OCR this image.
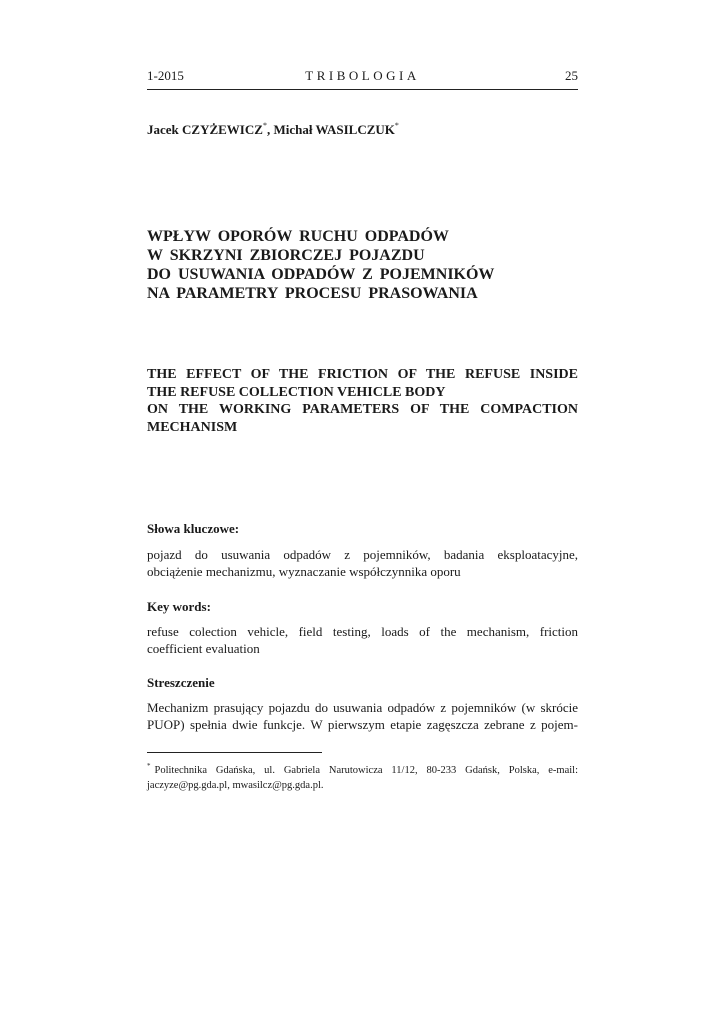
1-2015	TRIBOLOGIA	25
Jacek CZYŻEWICZ*, Michał WASILCZUK*
WPŁYW OPORÓW RUCHU ODPADÓW
W SKRZYNI ZBIORCZEJ POJAZDU
DO USUWANIA ODPADÓW Z POJEMNIKÓW
NA PARAMETRY PROCESU PRASOWANIA
THE EFFECT OF THE FRICTION OF THE REFUSE INSIDE
THE REFUSE COLLECTION VEHICLE BODY
ON THE WORKING PARAMETERS OF THE COMPACTION
MECHANISM
Słowa kluczowe:
pojazd do usuwania odpadów z pojemników, badania eksploatacyjne,
obciążenie mechanizmu, wyznaczanie współczynnika oporu
Key words:
refuse colection vehicle, field testing, loads of the mechanism, friction
coefficient evaluation
Streszczenie
Mechanizm prasujący pojazdu do usuwania odpadów z pojemników (w skrócie
PUOP) spełnia dwie funkcje. W pierwszym etapie zagęszcza zebrane z pojem-
* Politechnika Gdańska, ul. Gabriela Narutowicza 11/12, 80-233 Gdańsk, Polska, e-mail:
jaczyze@pg.gda.pl, mwasilcz@pg.gda.pl.
